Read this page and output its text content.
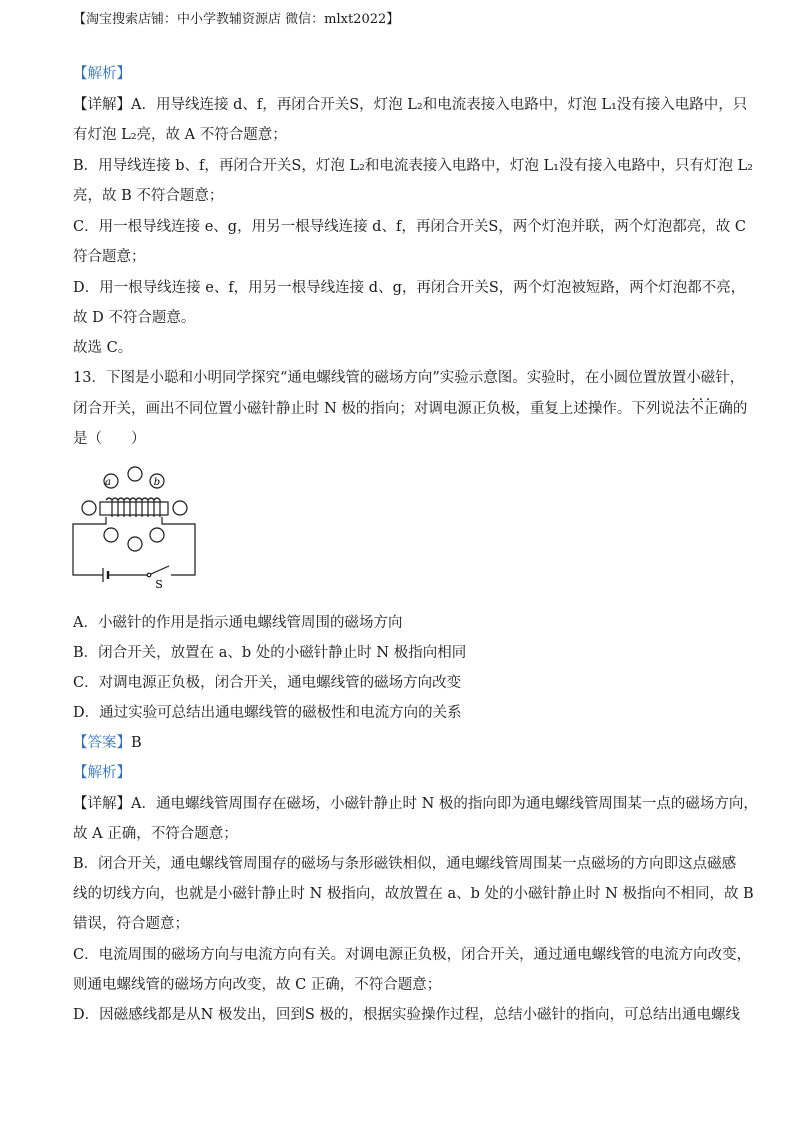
【淘宝搜索店铺：中小学教辅资源店 微信：mlxt2022】
【解析】
【详解】A．用导线连接 d、f，再闭合开关S，灯泡 L₂和电流表接入电路中，灯泡 L₁没有接入电路中，只
有灯泡 L₂亮，故 A 不符合题意；
B．用导线连接 b、f，再闭合开关S，灯泡 L₂和电流表接入电路中，灯泡 L₁没有接入电路中，只有灯泡 L₂
亮，故 B 不符合题意；
C．用一根导线连接 e、g，用另一根导线连接 d、f，再闭合开关S，两个灯泡并联，两个灯泡都亮，故 C
符合题意；
D．用一根导线连接 e、f，用另一根导线连接 d、g，再闭合开关S，两个灯泡被短路，两个灯泡都不亮，
故 D 不符合题意。
故选 C。
13．下图是小聪和小明同学探究“通电螺线管的磁场方向”实验示意图。实验时，在小圆位置放置小磁针，
闭合开关，画出不同位置小磁针静止时 N 极的指向；对调电源正负极，重复上述操作。下列说法不正确 · · ·的
是（　　）
a	b
S
A．小磁针的作用是指示通电螺线管周围的磁场方向
B．闭合开关，放置在 a、b 处的小磁针静止时 N 极指向相同
C．对调电源正负极，闭合开关，通电螺线管的磁场方向改变
D．通过实验可总结出通电螺线管的磁极性和电流方向的关系
【答案】B
【解析】
【详解】A．通电螺线管周围存在磁场，小磁针静止时 N 极的指向即为通电螺线管周围某一点的磁场方向，
故 A 正确，不符合题意；
B．闭合开关，通电螺线管周围存的磁场与条形磁铁相似，通电螺线管周围某一点磁场的方向即这点磁感
线的切线方向，也就是小磁针静止时 N 极指向，故放置在 a、b 处的小磁针静止时 N 极指向不相同，故 B
错误，符合题意；
C．电流周围的磁场方向与电流方向有关。对调电源正负极，闭合开关，通过通电螺线管的电流方向改变，
则通电螺线管的磁场方向改变，故 C 正确，不符合题意；
D．因磁感线都是从N 极发出，回到S 极的，根据实验操作过程，总结小磁针的指向，可总结出通电螺线
